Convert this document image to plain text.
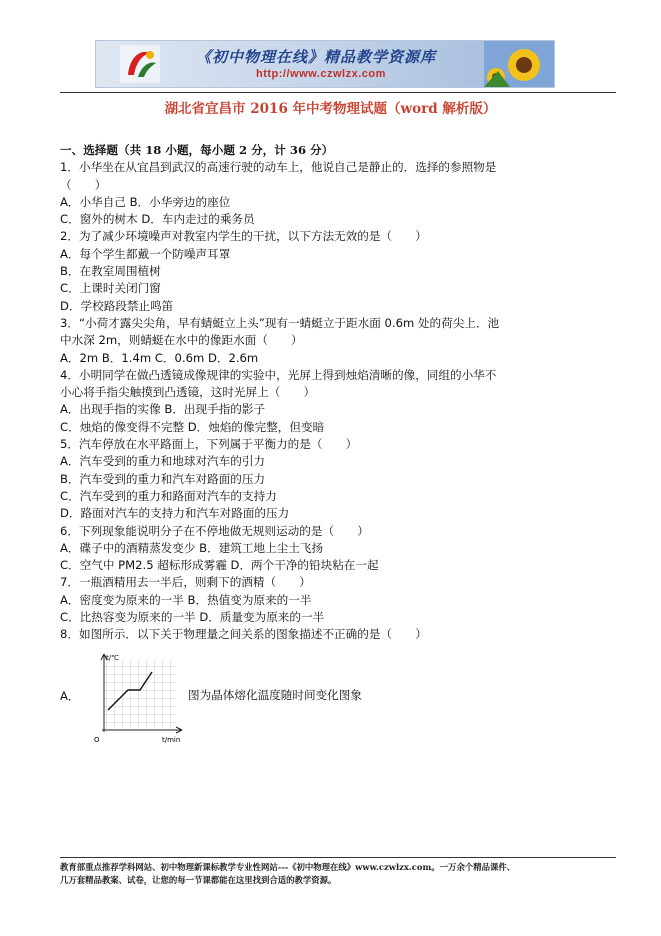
《初中物理在线》精品教学资源库
http://www.czwlzx.com
湖北省宜昌市 2016 年中考物理试题（word 解析版）
一、选择题（共 18 小题，每小题 2 分，计 36 分）
1．小华坐在从宜昌到武汉的高速行驶的动车上，他说自己是静止的．选择的参照物是
（　　）
A．小华自己 B．小华旁边的座位
C．窗外的树木 D．车内走过的乘务员
2．为了减少环境噪声对教室内学生的干扰，以下方法无效的是（　　）
A．每个学生都戴一个防噪声耳罩
B．在教室周围植树
C．上课时关闭门窗
D．学校路段禁止鸣笛
3．“小荷才露尖尖角，早有蜻蜓立上头”现有一蜻蜓立于距水面 0.6m 处的荷尖上．池
中水深 2m，则蜻蜓在水中的像距水面（　　）
A．2m B．1.4m C．0.6m D．2.6m
4．小明同学在做凸透镜成像规律的实验中，光屏上得到烛焰清晰的像，同组的小华不
小心将手指尖触摸到凸透镜，这时光屏上（　　）
A．出现手指的实像 B．出现手指的影子
C．烛焰的像变得不完整 D．烛焰的像完整，但变暗
5．汽车停放在水平路面上，下列属于平衡力的是（　　）
A．汽车受到的重力和地球对汽车的引力
B．汽车受到的重力和汽车对路面的压力
C．汽车受到的重力和路面对汽车的支持力
D．路面对汽车的支持力和汽车对路面的压力
6．下列现象能说明分子在不停地做无规则运动的是（　　）
A．碟子中的酒精蒸发变少 B．建筑工地上尘土飞扬
C．空气中 PM2.5 超标形成雾霾 D．两个干净的铅块粘在一起
7．一瓶酒精用去一半后，则剩下的酒精（　　）
A．密度变为原来的一半 B．热值变为原来的一半
C．比热容变为原来的一半 D．质量变为原来的一半
8．如图所示．以下关于物理量之间关系的图象描述不正确的是（　　）
A．
t/℃
O	t/min
图为晶体熔化温度随时间变化图象
教育部重点推荐学科网站、初中物理新课标教学专业性网站---《初中物理在线》www.czwlzx.com。一万余个精品课件、
几万套精品教案、试卷，让您的每一节课都能在这里找到合适的教学资源。
